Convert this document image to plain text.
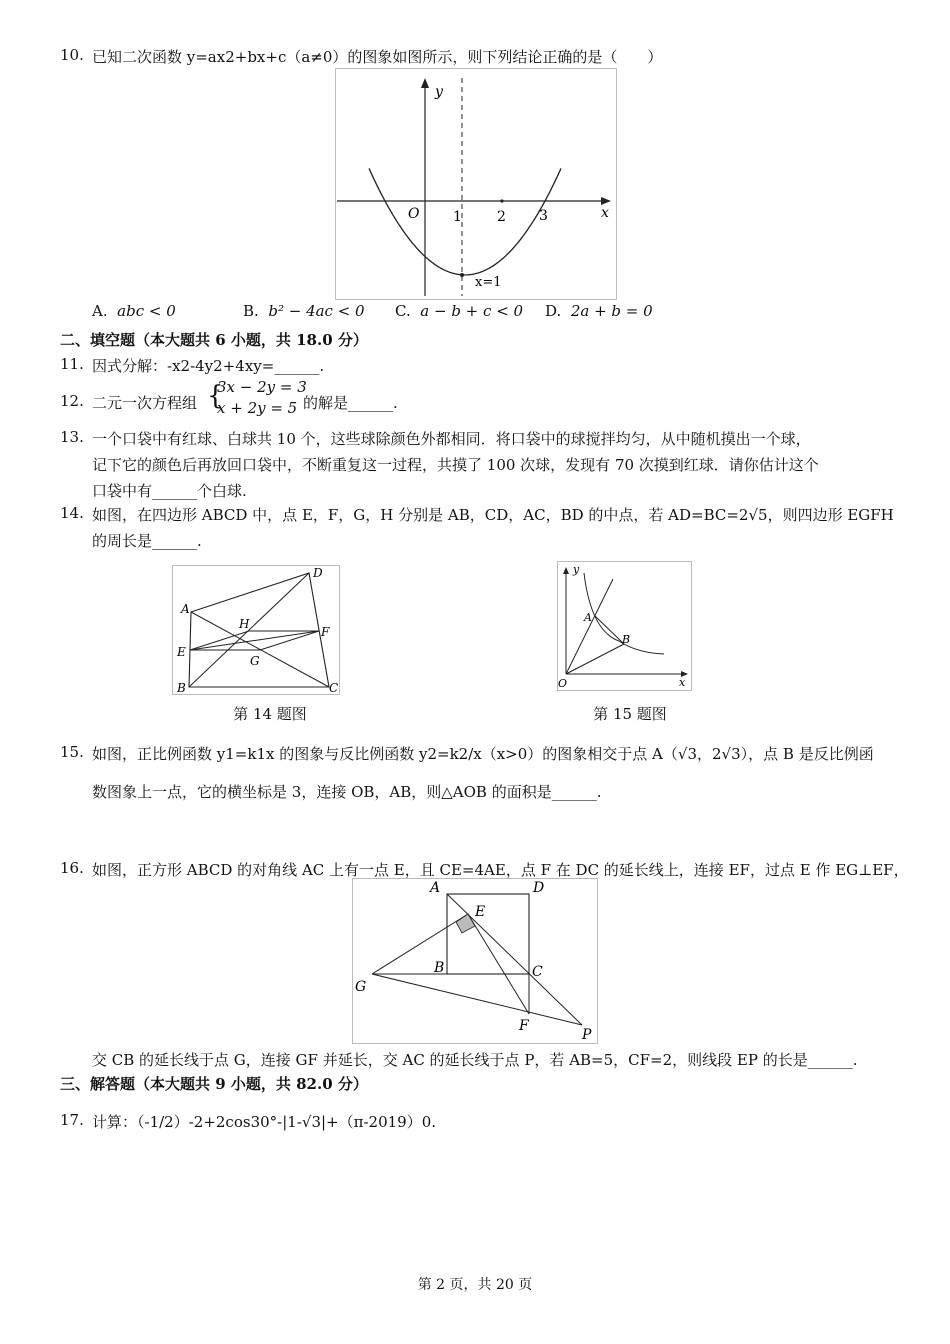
10. 已知二次函数 y=ax2+bx+c（a≠0）的图象如图所示，则下列结论正确的是（　　）
y
x
O 1	2 3
x=1
A. abc < 0	B. b² − 4ac < 0 C. a − b + c < 0 D. 2a + b = 0
二、填空题（本大题共 6 小题，共 18.0 分）
11. 因式分解：-x2-4y2+4xy=______.
12. 二元一次方程组 {
3x − 2y = 3
x + 2y = 5 的解是______.
13. 一个口袋中有红球、白球共 10 个，这些球除颜色外都相同．将口袋中的球搅拌均匀，从中随机摸出一个球，
记下它的颜色后再放回口袋中，不断重复这一过程，共摸了 100 次球，发现有 70 次摸到红球．请你估计这个
口袋中有______个白球.
14. 如图，在四边形 ABCD 中，点 E，F，G，H 分别是 AB，CD，AC，BD 的中点，若 AD=BC=2√5，则四边形 EGFH
的周长是______.
A
D
B	C
E
F
G
H
第 14 题图
y
x
O
A
B
第 15 题图
15. 如图，正比例函数 y1=k1x 的图象与反比例函数 y2=k2/x（x>0）的图象相交于点 A（√3，2√3），点 B 是反比例函
数图象上一点，它的横坐标是 3，连接 OB，AB，则△AOB 的面积是______.
16. 如图，正方形 ABCD 的对角线 AC 上有一点 E，且 CE=4AE，点 F 在 DC 的延长线上，连接 EF，过点 E 作 EG⊥EF，
A	D
E
B	C
G
F
P
交 CB 的延长线于点 G，连接 GF 并延长，交 AC 的延长线于点 P，若 AB=5，CF=2，则线段 EP 的长是______.
三、解答题（本大题共 9 小题，共 82.0 分）
17. 计算：（-1/2）-2+2cos30°-|1-√3|+（π-2019）0.
第 2 页，共 20 页
